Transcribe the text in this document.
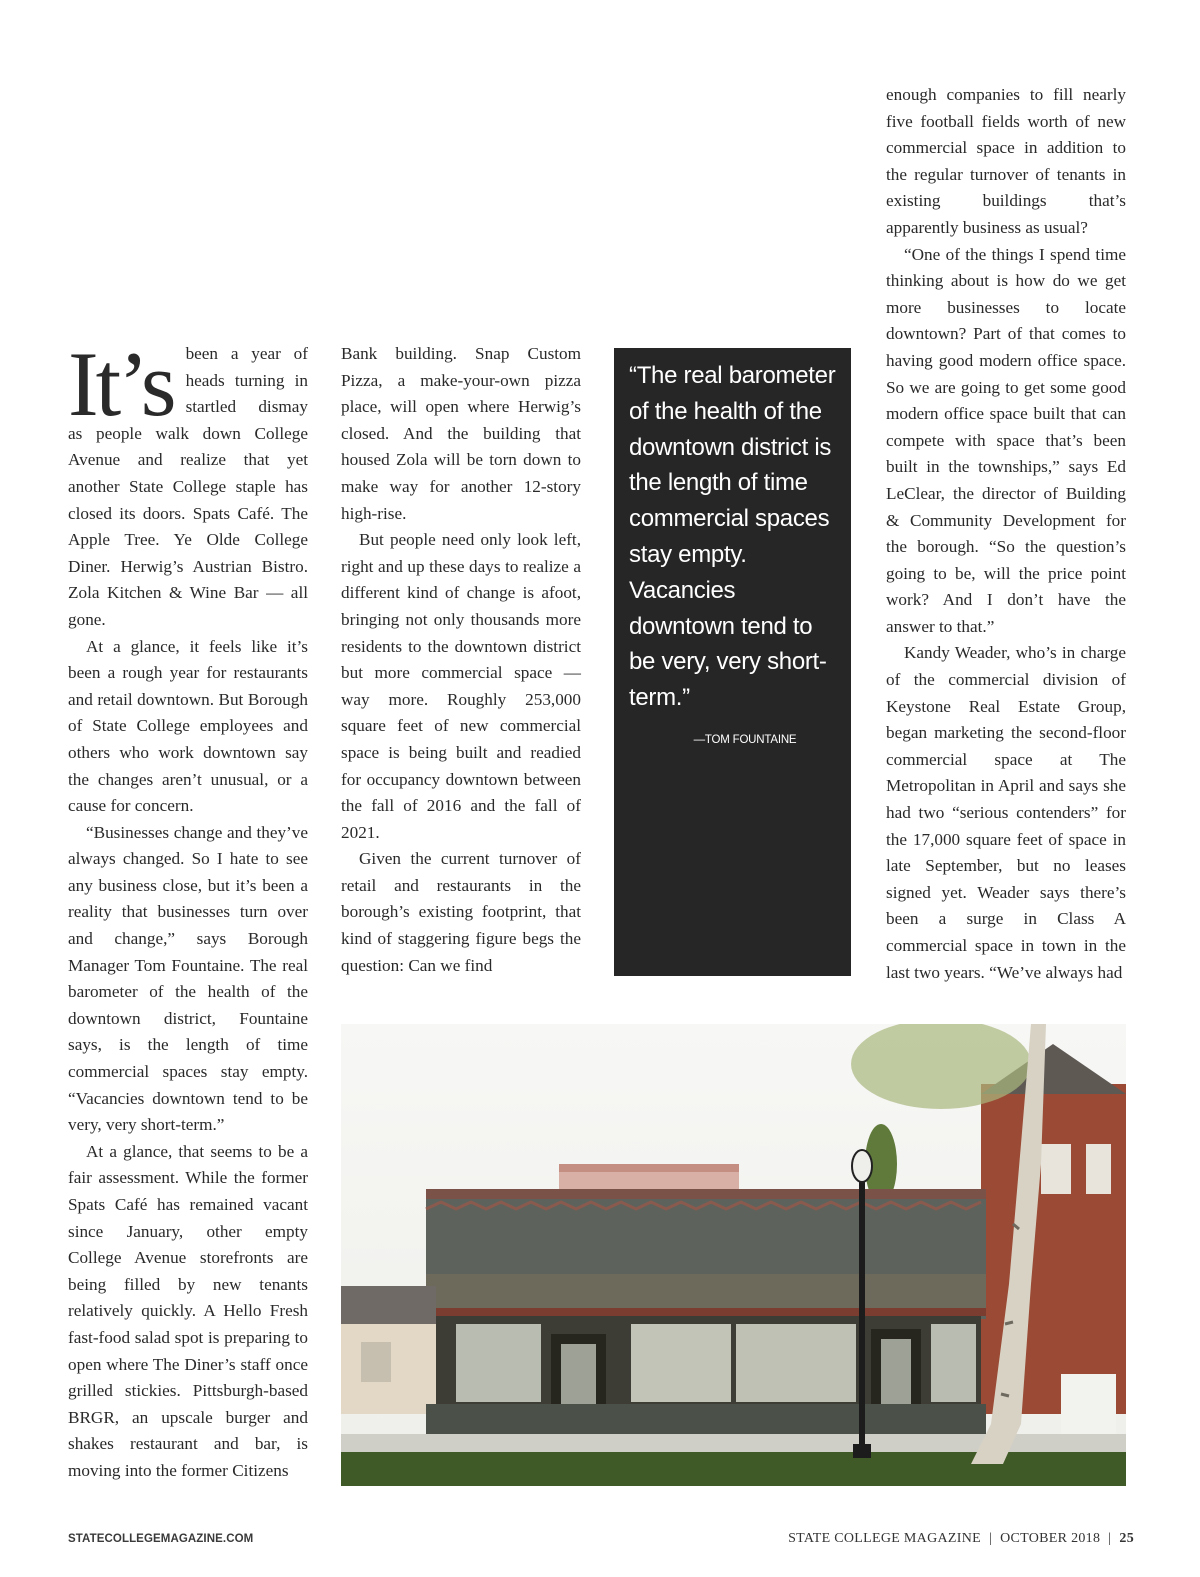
It’s been a year of heads turning in startled dismay as people walk down College Avenue and realize that yet another State College staple has closed its doors. Spats Café. The Apple Tree. Ye Olde College Diner. Herwig’s Austrian Bistro. Zola Kitchen & Wine Bar — all gone.

At a glance, it feels like it’s been a rough year for restaurants and retail downtown. But Borough of State College employees and others who work downtown say the changes aren’t unusual, or a cause for concern.

“Businesses change and they’ve always changed. So I hate to see any business close, but it’s been a reality that businesses turn over and change,” says Borough Manager Tom Fountaine. The real barometer of the health of the downtown district, Fountaine says, is the length of time commercial spaces stay empty. “Vacancies downtown tend to be very, very short-term.”

At a glance, that seems to be a fair assessment. While the former Spats Café has remained vacant since January, other empty College Avenue storefronts are being filled by new tenants relatively quickly. A Hello Fresh fast-food salad spot is preparing to open where The Diner’s staff once grilled stickies. Pittsburgh-based BRGR, an upscale burger and shakes restaurant and bar, is moving into the former Citizens

Bank building. Snap Custom Pizza, a make-your-own pizza place, will open where Herwig’s closed. And the building that housed Zola will be torn down to make way for another 12-story high-rise.

But people need only look left, right and up these days to realize a different kind of change is afoot, bringing not only thousands more residents to the downtown district but more commercial space — way more. Roughly 253,000 square feet of new commercial space is being built and readied for occupancy downtown between the fall of 2016 and the fall of 2021.

Given the current turnover of retail and restaurants in the borough’s existing footprint, that kind of staggering figure begs the question: Can we find

“The real barometer of the health of the downtown district is the length of time commercial spaces stay empty. Vacancies downtown tend to be very, very short-term.”

—TOM FOUNTAINE

enough companies to fill nearly five football fields worth of new commercial space in addition to the regular turnover of tenants in existing buildings that’s apparently business as usual?

“One of the things I spend time thinking about is how do we get more businesses to locate downtown? Part of that comes to having good modern office space. So we are going to get some good modern office space built that can compete with space that’s been built in the townships,” says Ed LeClear, the director of Building & Community Development for the borough. “So the question’s going to be, will the price point work? And I don’t have the answer to that.”

Kandy Weader, who’s in charge of the commercial division of Keystone Real Estate Group, began marketing the second-floor commercial space at The Metropolitan in April and says she had two “serious contenders” for the 17,000 square feet of space in late September, but no leases signed yet. Weader says there’s been a surge in Class A commercial space in town in the last two years. “We’ve always had

STATECOLLEGEMAGAZINE.COM	STATE COLLEGE MAGAZINE | OCTOBER 2018 | 25
